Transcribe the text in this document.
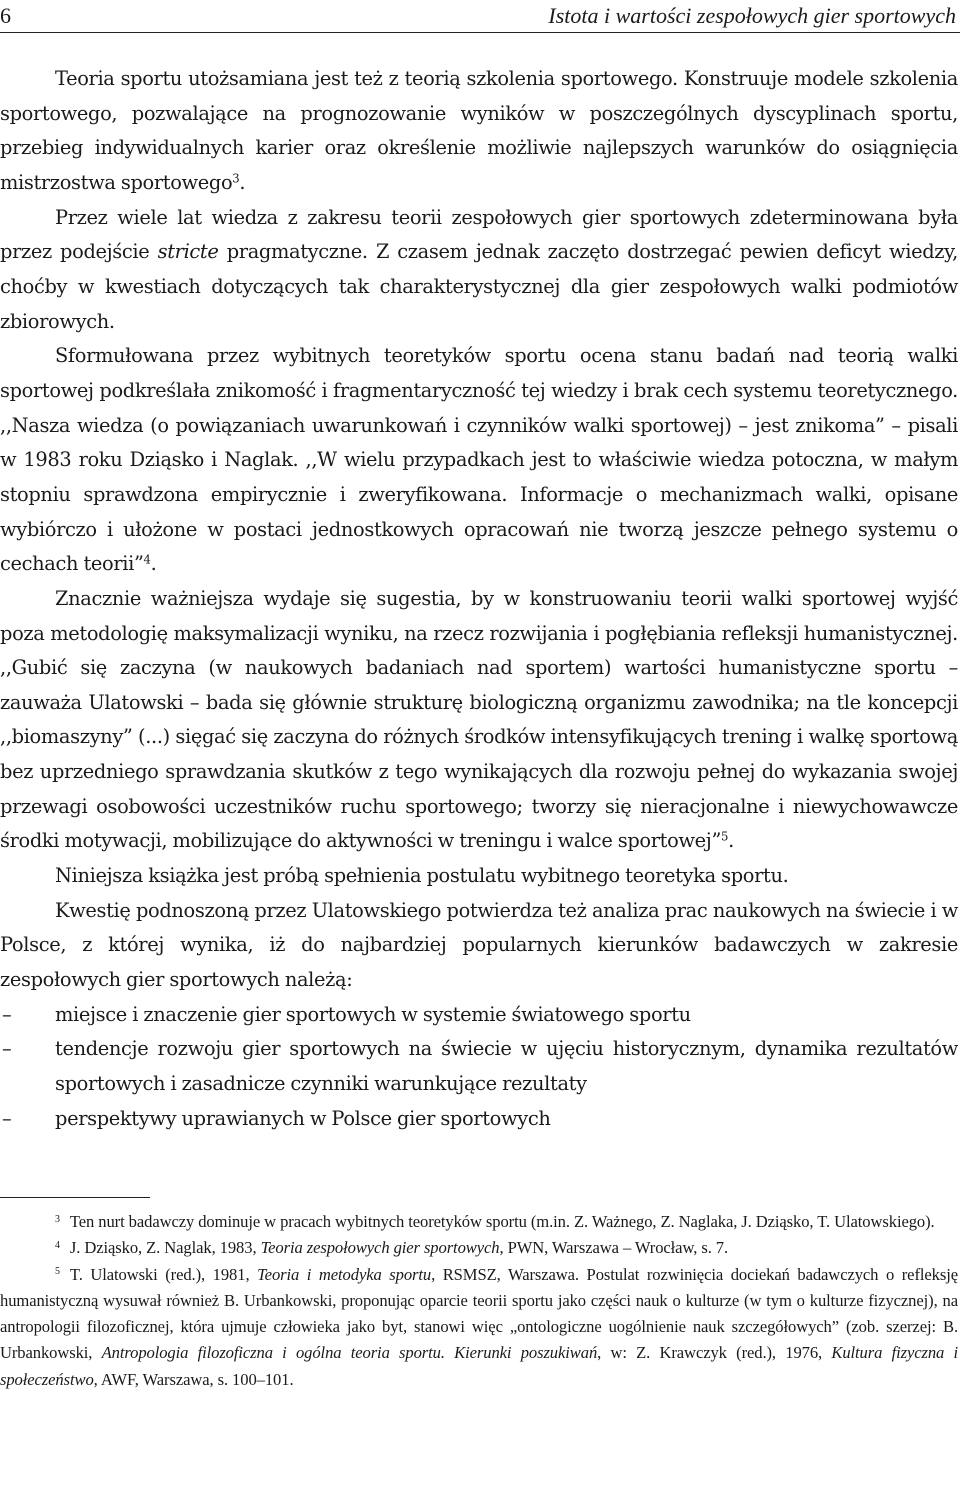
6	Istota i wartości zespołowych gier sportowych

Teoria sportu utożsamiana jest też z teorią szkolenia sportowego. Konstruuje modele szkolenia sportowego, pozwalające na prognozowanie wyników w poszczególnych dyscyplinach sportu, przebieg indywidualnych karier oraz określenie możliwie najlepszych warunków do osiągnięcia mistrzostwa sportowego$^3$.

Przez wiele lat wiedza z zakresu teorii zespołowych gier sportowych zdeterminowana była przez podejście stricte pragmatyczne. Z czasem jednak zaczęto dostrzegać pewien deficyt wiedzy, choćby w kwestiach dotyczących tak charakterystycznej dla gier zespołowych walki podmiotów zbiorowych.

Sformułowana przez wybitnych teoretyków sportu ocena stanu badań nad teorią walki sportowej podkreślała znikomość i fragmentaryczność tej wiedzy i brak cech systemu teoretycznego. ,,Nasza wiedza (o powiązaniach uwarunkowań i czynników walki sportowej) – jest znikoma” – pisali w 1983 roku Dziąsko i Naglak. ,,W wielu przypadkach jest to właściwie wiedza potoczna, w małym stopniu sprawdzona empirycznie i zweryfikowana. Informacje o mechanizmach walki, opisane wybiórczo i ułożone w postaci jednostkowych opracowań nie tworzą jeszcze pełnego systemu o cechach teorii”$^4$.

Znacznie ważniejsza wydaje się sugestia, by w konstruowaniu teorii walki sportowej wyjść poza metodologię maksymalizacji wyniku, na rzecz rozwijania i pogłębiania refleksji humanistycznej. ,,Gubić się zaczyna (w naukowych badaniach nad sportem) wartości humanistyczne sportu – zauważa Ulatowski – bada się głównie strukturę biologiczną organizmu zawodnika; na tle koncepcji ,,biomaszyny” (...) sięgać się zaczyna do różnych środków intensyfikujących trening i walkę sportową bez uprzedniego sprawdzania skutków z tego wynikających dla rozwoju pełnej do wykazania swojej przewagi osobowości uczestników ruchu sportowego; tworzy się nieracjonalne i niewychowawcze środki motywacji, mobilizujące do aktywności w treningu i walce sportowej”$^5$.

Niniejsza książka jest próbą spełnienia postulatu wybitnego teoretyka sportu.

Kwestię podnoszoną przez Ulatowskiego potwierdza też analiza prac naukowych na świecie i w Polsce, z której wynika, iż do najbardziej popularnych kierunków badawczych w zakresie zespołowych gier sportowych należą:

– miejsce i znaczenie gier sportowych w systemie światowego sportu
– tendencje rozwoju gier sportowych na świecie w ujęciu historycznym, dynamika rezultatów sportowych i zasadnicze czynniki warunkujące rezultaty
– perspektywy uprawianych w Polsce gier sportowych

$^3$ Ten nurt badawczy dominuje w pracach wybitnych teoretyków sportu (m.in. Z. Ważnego, Z. Naglaka, J. Dziąsko, T. Ulatowskiego).

$^4$ J. Dziąsko, Z. Naglak, 1983, Teoria zespołowych gier sportowych, PWN, Warszawa – Wrocław, s. 7.

$^5$ T. Ulatowski (red.), 1981, Teoria i metodyka sportu, RSMSZ, Warszawa. Postulat rozwinięcia dociekań badawczych o refleksję humanistyczną wysuwał również B. Urbankowski, proponując oparcie teorii sportu jako części nauk o kulturze (w tym o kulturze fizycznej), na antropologii filozoficznej, która ujmuje człowieka jako byt, stanowi więc „ontologiczne uogólnienie nauk szczegółowych” (zob. szerzej: B. Urbankowski, Antropologia filozoficzna i ogólna teoria sportu. Kierunki poszukiwań, w: Z. Krawczyk (red.), 1976, Kultura fizyczna i społeczeństwo, AWF, Warszawa, s. 100–101.
